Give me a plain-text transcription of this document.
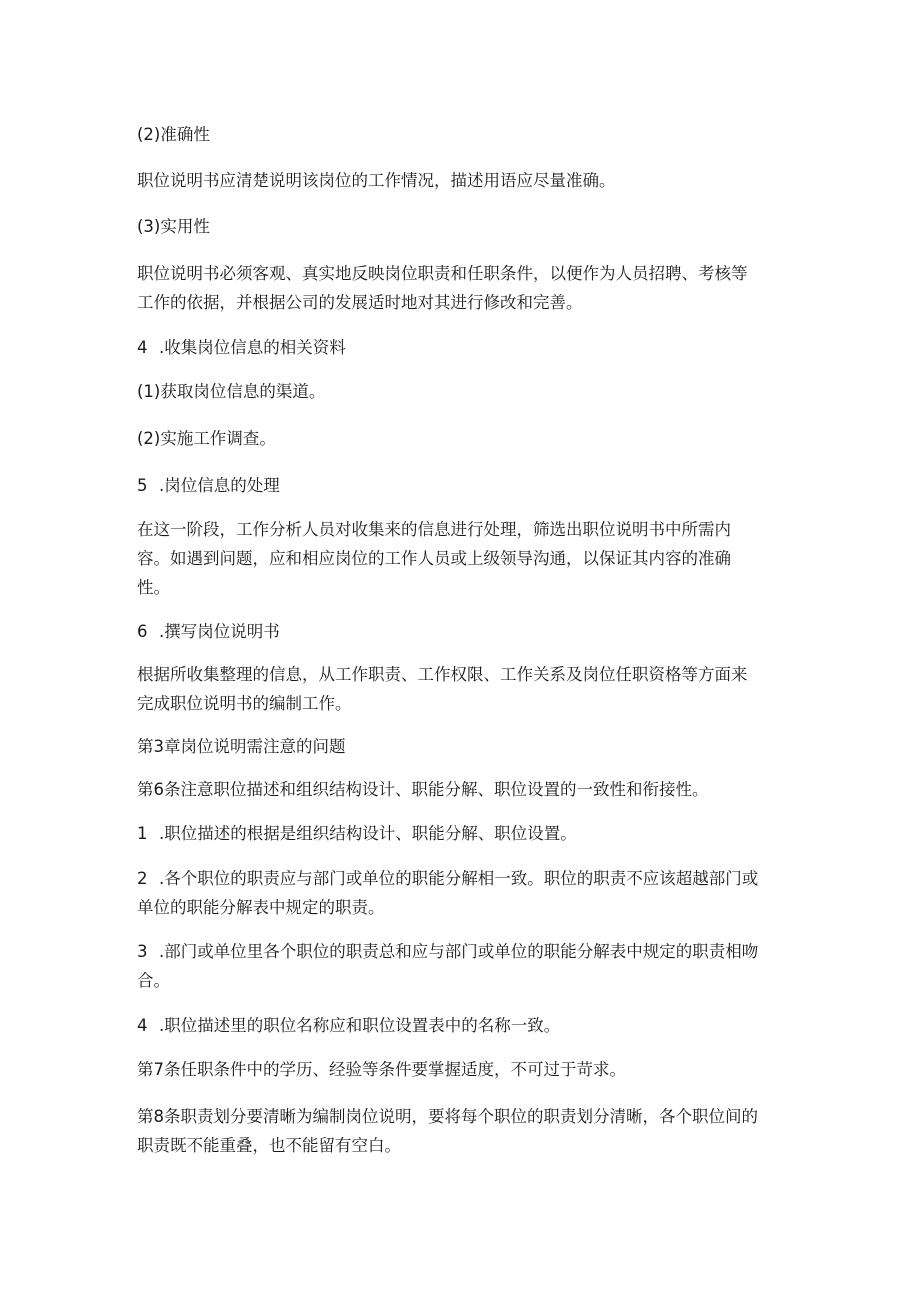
(2)准确性
职位说明书应清楚说明该岗位的工作情况，描述用语应尽量准确。
(3)实用性
职位说明书必须客观、真实地反映岗位职责和任职条件，以便作为人员招聘、考核等
工作的依据，并根据公司的发展适时地对其进行修改和完善。
4 .收集岗位信息的相关资料
(1)获取岗位信息的渠道。
(2)实施工作调查。
5 .岗位信息的处理
在这一阶段，工作分析人员对收集来的信息进行处理，筛选出职位说明书中所需内
容。如遇到问题，应和相应岗位的工作人员或上级领导沟通，以保证其内容的准确
性。
6 .撰写岗位说明书
根据所收集整理的信息，从工作职责、工作权限、工作关系及岗位任职资格等方面来
完成职位说明书的编制工作。
第3章岗位说明需注意的问题
第6条注意职位描述和组织结构设计、职能分解、职位设置的一致性和衔接性。
1 .职位描述的根据是组织结构设计、职能分解、职位设置。
2 .各个职位的职责应与部门或单位的职能分解相一致。职位的职责不应该超越部门或
单位的职能分解表中规定的职责。
3 .部门或单位里各个职位的职责总和应与部门或单位的职能分解表中规定的职责相吻
合。
4 .职位描述里的职位名称应和职位设置表中的名称一致。
第7条任职条件中的学历、经验等条件要掌握适度，不可过于苛求。
第8条职责划分要清晰为编制岗位说明，要将每个职位的职责划分清晰，各个职位间的
职责既不能重叠，也不能留有空白。
